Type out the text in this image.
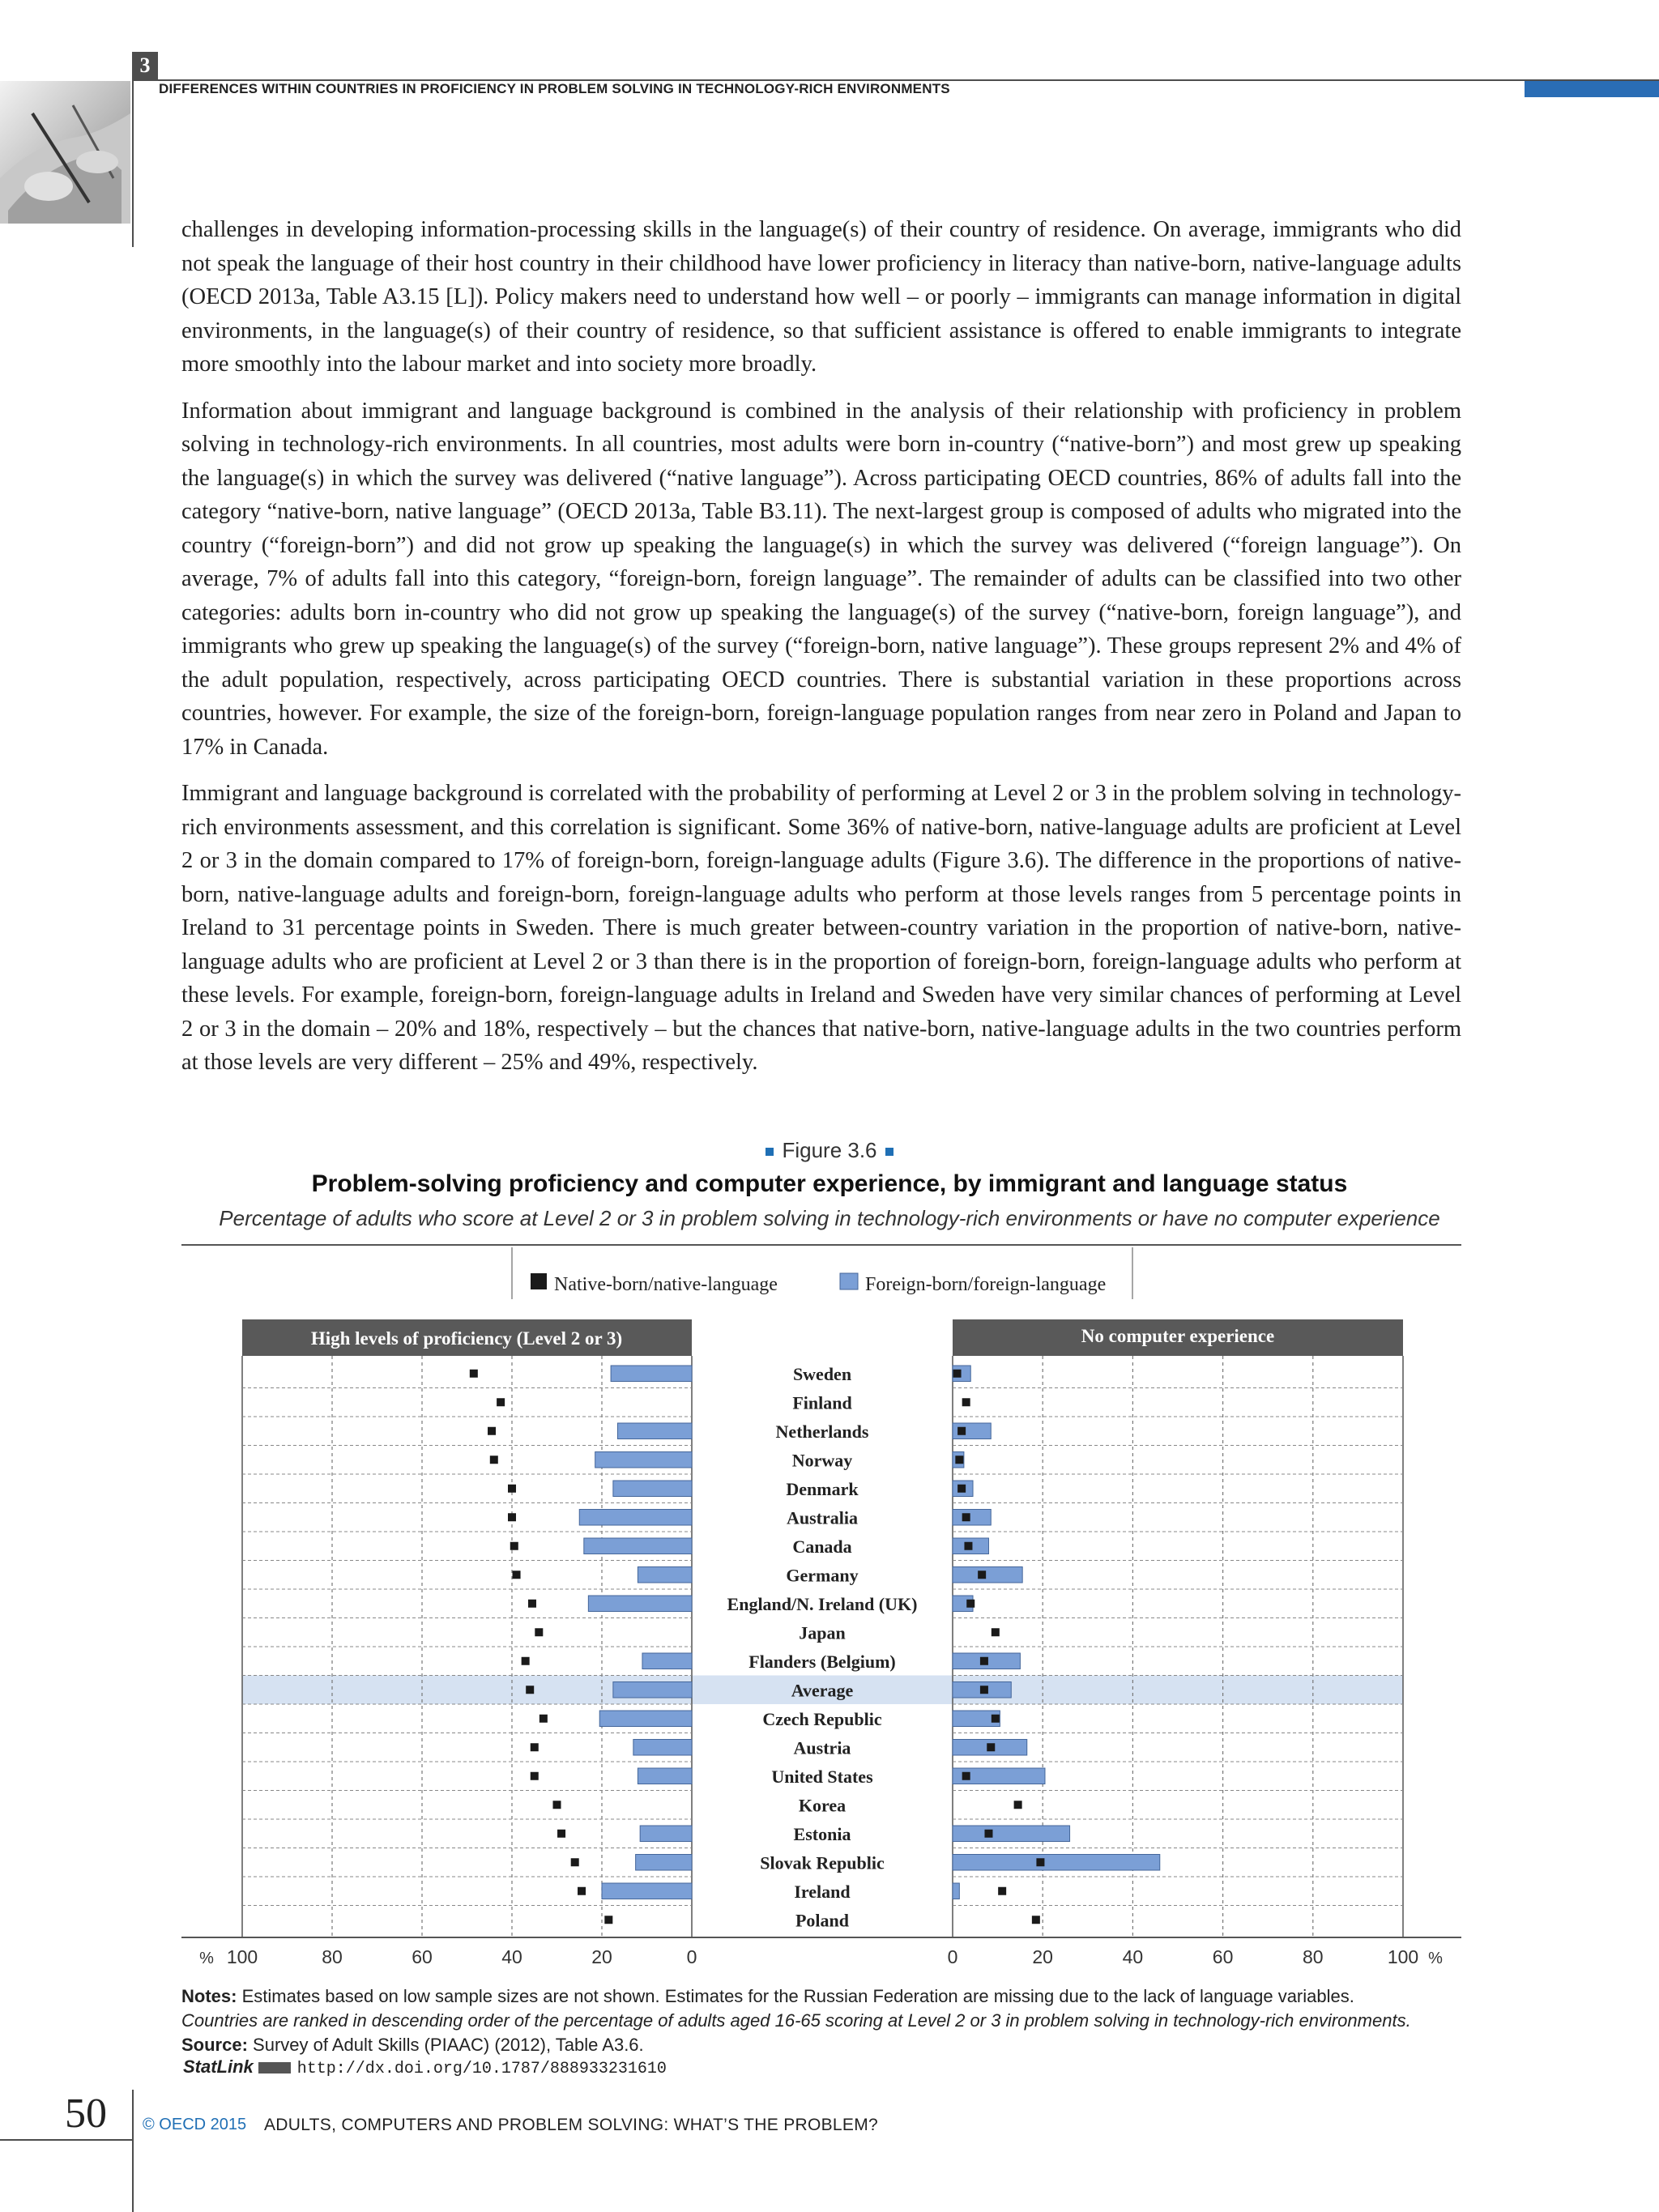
3
DIFFERENCES WITHIN COUNTRIES IN PROFICIENCY IN PROBLEM SOLVING IN TECHNOLOGY-RICH ENVIRONMENTS

challenges in developing information-processing skills in the language(s) of their country of residence. On average, immigrants who did not speak the language of their host country in their childhood have lower proficiency in literacy than native-born, native-language adults (OECD 2013a, Table A3.15 [L]). Policy makers need to understand how well – or poorly – immigrants can manage information in digital environments, in the language(s) of their country of residence, so that sufficient assistance is offered to enable immigrants to integrate more smoothly into the labour market and into society more broadly.

Information about immigrant and language background is combined in the analysis of their relationship with proficiency in problem solving in technology-rich environments. In all countries, most adults were born in-country (“native-born”) and most grew up speaking the language(s) in which the survey was delivered (“native language”). Across participating OECD countries, 86% of adults fall into the category “native-born, native language” (OECD 2013a, Table B3.11). The next-largest group is composed of adults who migrated into the country (“foreign-born”) and did not grow up speaking the language(s) in which the survey was delivered (“foreign language”). On average, 7% of adults fall into this category, “foreign-born, foreign language”. The remainder of adults can be classified into two other categories: adults born in-country who did not grow up speaking the language(s) of the survey (“native-born, foreign language”), and immigrants who grew up speaking the language(s) of the survey (“foreign-born, native language”). These groups represent 2% and 4% of the adult population, respectively, across participating OECD countries. There is substantial variation in these proportions across countries, however. For example, the size of the foreign-born, foreign-language population ranges from near zero in Poland and Japan to 17% in Canada.

Immigrant and language background is correlated with the probability of performing at Level 2 or 3 in the problem solving in technology-rich environments assessment, and this correlation is significant. Some 36% of native-born, native-language adults are proficient at Level 2 or 3 in the domain compared to 17% of foreign-born, foreign-language adults (Figure 3.6). The difference in the proportions of native-born, native-language adults and foreign-born, foreign-language adults who perform at those levels ranges from 5 percentage points in Ireland to 31 percentage points in Sweden. There is much greater between-country variation in the proportion of native-born, native-language adults who are proficient at Level 2 or 3 than there is in the proportion of foreign-born, foreign-language adults who perform at these levels. For example, foreign-born, foreign-language adults in Ireland and Sweden have very similar chances of performing at Level 2 or 3 in the domain – 20% and 18%, respectively – but the chances that native-born, native-language adults in the two countries perform at those levels are very different – 25% and 49%, respectively.

Figure 3.6
Problem-solving proficiency and computer experience, by immigrant and language status
Percentage of adults who score at Level 2 or 3 in problem solving in technology-rich environments or have no computer experience
Native-born/native-language	Foreign-born/foreign-language
High levels of proficiency (Level 2 or 3)	No computer experience
Sweden
Finland
Netherlands
Norway
Denmark
Australia
Canada
Germany
England/N. Ireland (UK)
Japan
Flanders (Belgium)
Average
Czech Republic
Austria
United States
Korea
Estonia
Slovak Republic
Ireland
Poland
0	0
20	20
40	40
60	60
80	80
100	100
%	%
Notes: Estimates based on low sample sizes are not shown. Estimates for the Russian Federation are missing due to the lack of language variables.
Countries are ranked in descending order of the percentage of adults aged 16-65 scoring at Level 2 or 3 in problem solving in technology-rich environments.
Source: Survey of Adult Skills (PIAAC) (2012), Table A3.6.
StatLink	http://dx.doi.org/10.1787/888933231610
50 © OECD 2015 ADULTS, COMPUTERS AND PROBLEM SOLVING: WHAT’S THE PROBLEM?
